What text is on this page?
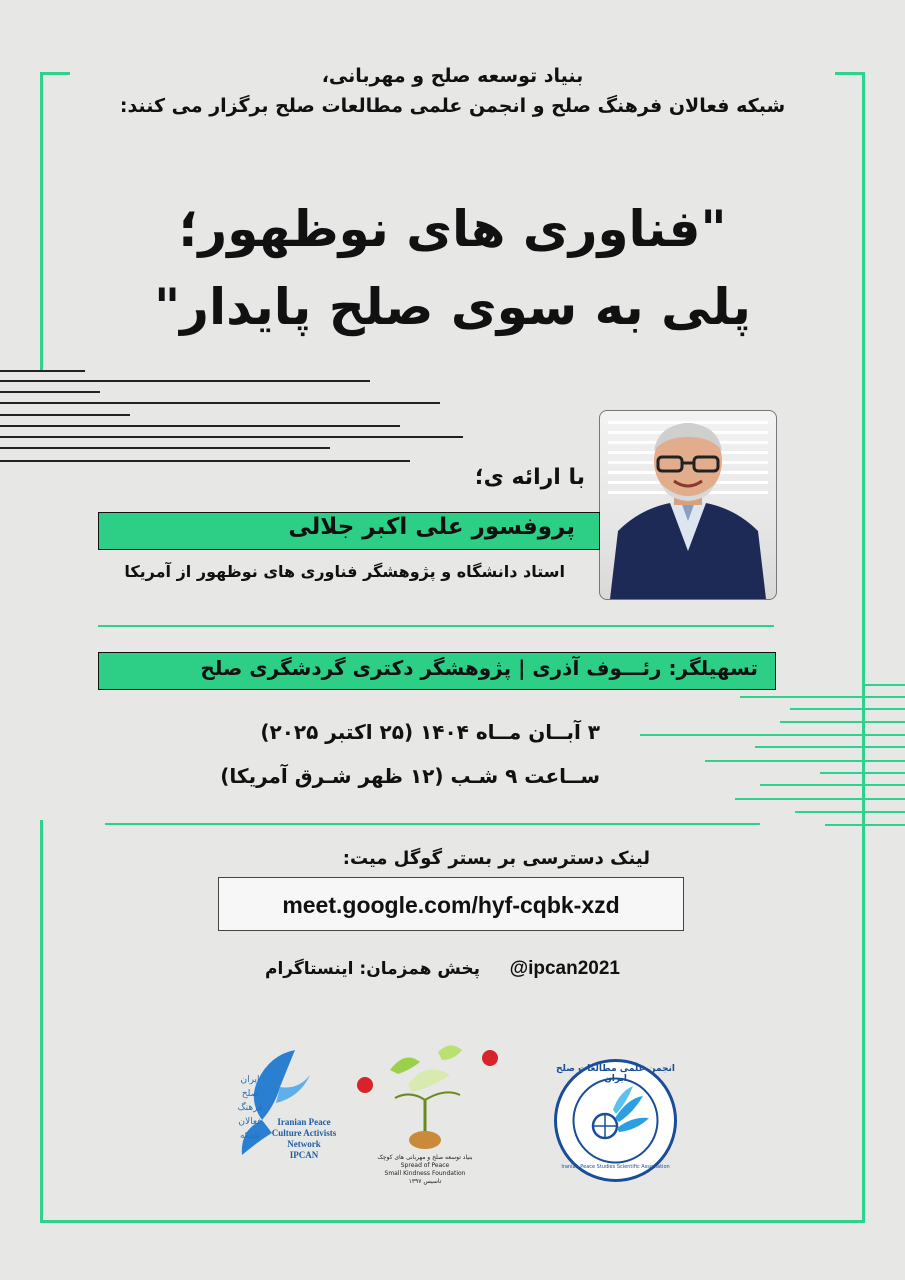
بنیاد توسعه صلح و مهربانی،
شبکه فعالان فرهنگ صلح و انجمن علمی مطالعات صلح برگزار می کنند:
"فناوری های نوظهور؛
پلی به سوی صلح پایدار"
با ارائه ی؛
پروفسور علی اکبر جلالی
استاد دانشگاه و پژوهشگر فناوری های نوظهور از آمریکا
تسهیلگر: رئـــوف آذری | پژوهشگر دکتری گردشگری صلح
۳ آبــان مــاه ۱۴۰۴ (۲۵ اکتبر ۲۰۲۵)
ســاعت ۹ شـب (۱۲ ظهر شـرق آمریکا)
لینک دسترسی بر بستر گوگل میت:
meet.google.com/hyf-cqbk-xzd
پخش همزمان: اینستاگرام @ipcan2021
ایران
صلح
فرهنگ
فعالان
شبکه
Iranian Peace
Culture Activists
Network
IPCAN	بنیاد توسعه صلح و مهربانی های کوچک
Spread of Peace
Small Kindness Foundation
تاسیس ۱۳۹۷
انجمن علمی مطالعات صلح ایران
Iranian Peace Studies Scientific Association
